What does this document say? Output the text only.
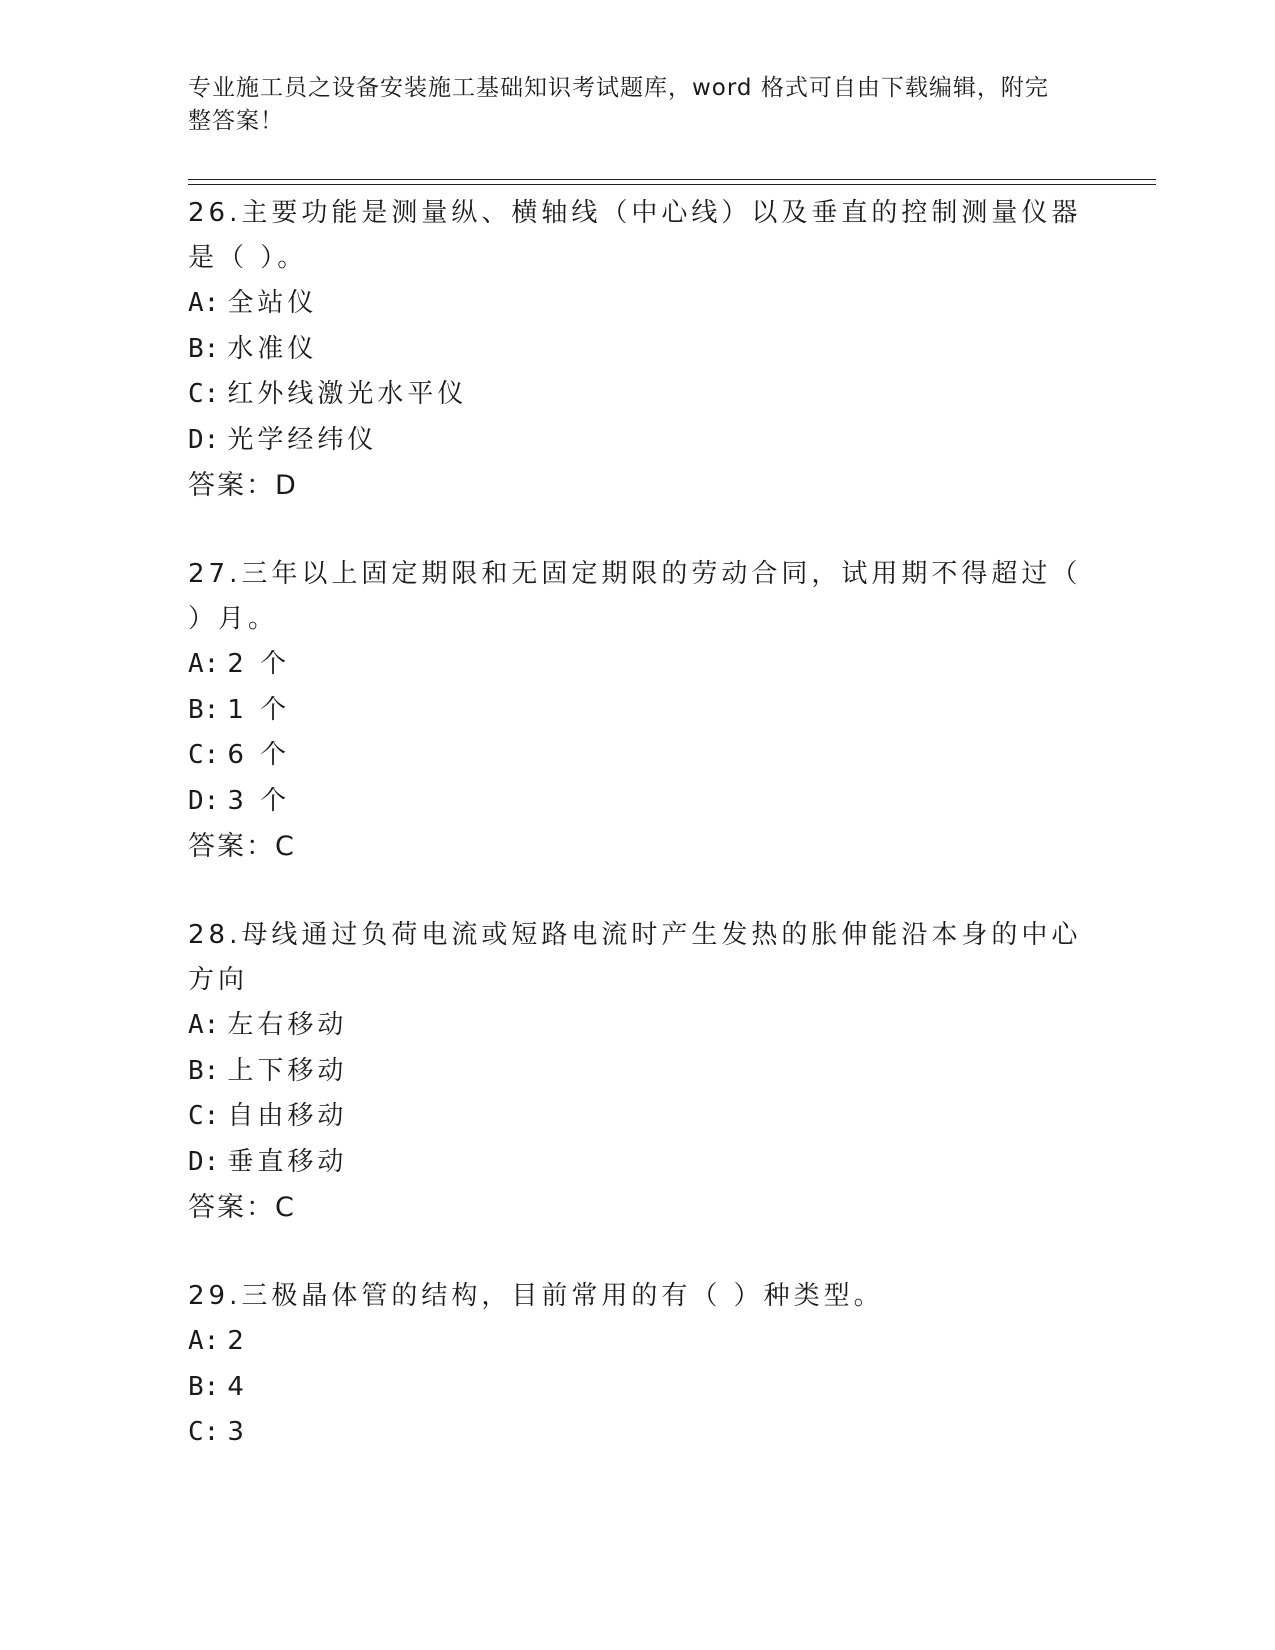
专业施工员之设备安装施工基础知识考试题库，word 格式可自由下载编辑，附完整答案！
26.主要功能是测量纵、横轴线（中心线）以及垂直的控制测量仪器是（ ）。
A: 全站仪
B: 水准仪
C: 红外线激光水平仪
D: 光学经纬仪
答案：D
27.三年以上固定期限和无固定期限的劳动合同，试用期不得超过（ ）月。
A: 2 个
B: 1 个
C: 6 个
D: 3 个
答案：C
28.母线通过负荷电流或短路电流时产生发热的胀伸能沿本身的中心方向
A: 左右移动
B: 上下移动
C: 自由移动
D: 垂直移动
答案：C
29.三极晶体管的结构，目前常用的有（ ）种类型。
A: 2
B: 4
C: 3
